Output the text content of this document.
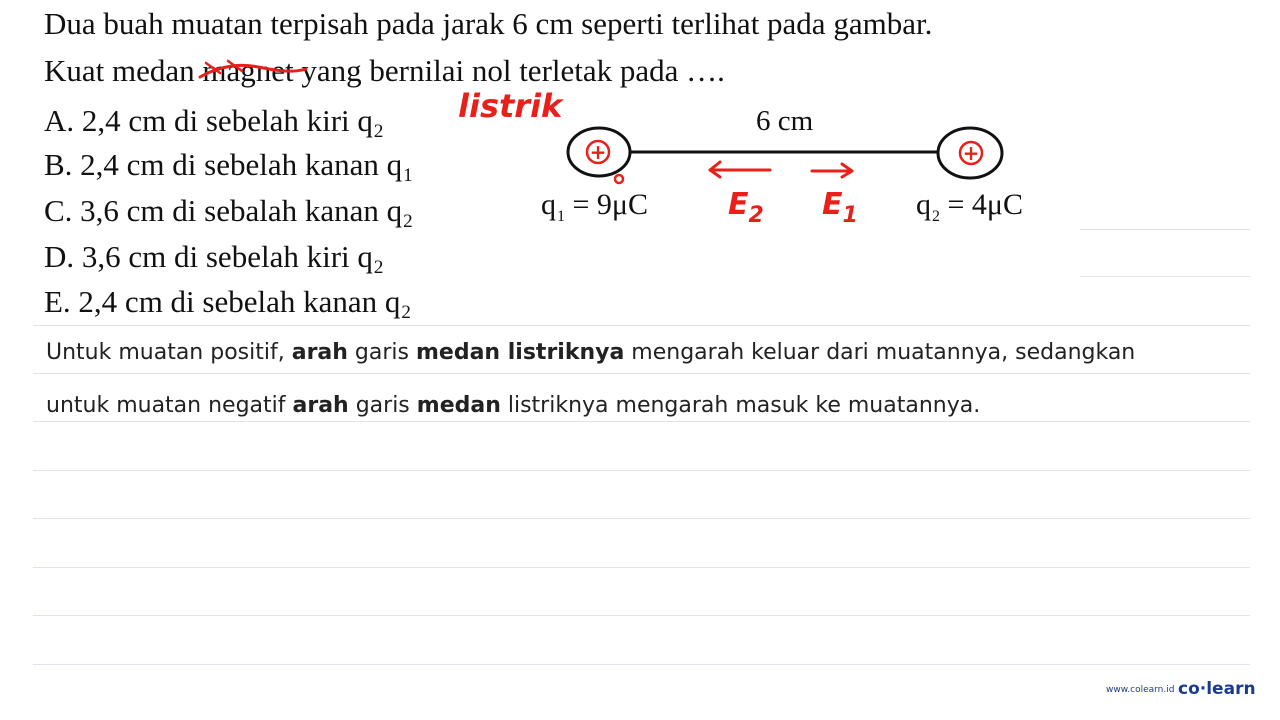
Dua buah muatan terpisah pada jarak 6 cm seperti terlihat pada gambar.
Kuat medan magnet
yang bernilai nol terletak pada ….
listrik
A. 2,4 cm di sebelah kiri q2
B. 2,4 cm di sebelah kanan q1
C. 3,6 cm di sebalah kanan q2
D. 3,6 cm di sebelah kiri q2
E. 2,4 cm di sebelah kanan q2
+	+
6 cm
$q_1 = 9\mu C$	$q_2 = 4\mu C$
$E_2$ $E_1$
Untuk muatan positif, arah garis medan listriknya mengarah keluar dari muatannya, sedangkan
untuk muatan negatif arah garis medan listriknya mengarah masuk ke muatannya.
www.colearn.id co·learn
